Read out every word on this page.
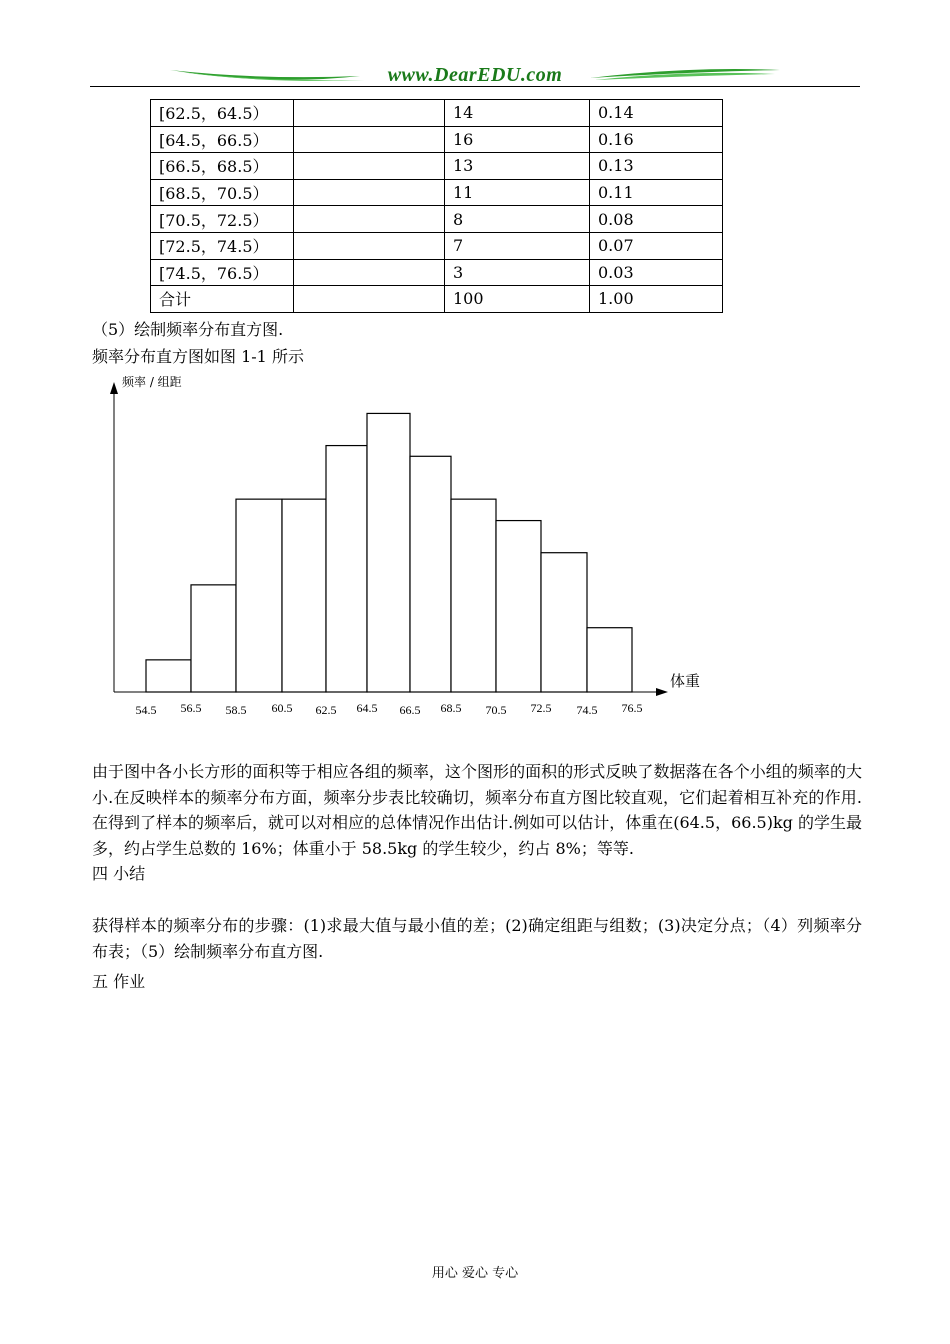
www.DearEDU.com
[62.5，64.5）		14	0.14
[64.5，66.5）		16	0.16
[66.5，68.5）		13	0.13
[68.5，70.5）		11	0.11
[70.5，72.5）		8	0.08
[72.5，74.5）		7	0.07
[74.5，76.5）		3	0.03
合计		100	1.00
（5）绘制频率分布直方图.
频率分布直方图如图 1-1 所示
54.5 56.5 58.5 60.5 62.5 64.5 66.5 68.5 70.5 72.5 74.5 76.5
频率 / 组距
体重
由于图中各小长方形的面积等于相应各组的频率，这个图形的面积的形式反映了数据落在各个小组的频率的大小.在反映样本的频率分布方面，频率分步表比较确切，频率分布直方图比较直观，它们起着相互补充的作用.在得到了样本的频率后，就可以对相应的总体情况作出估计.例如可以估计，体重在(64.5，66.5)kg 的学生最多，约占学生总数的 16%；体重小于 58.5kg 的学生较少，约占 8%；等等.
四 小结
获得样本的频率分布的步骤：(1)求最大值与最小值的差；(2)确定组距与组数；(3)决定分点；（4）列频率分布表；（5）绘制频率分布直方图.
五 作业
用心 爱心 专心
